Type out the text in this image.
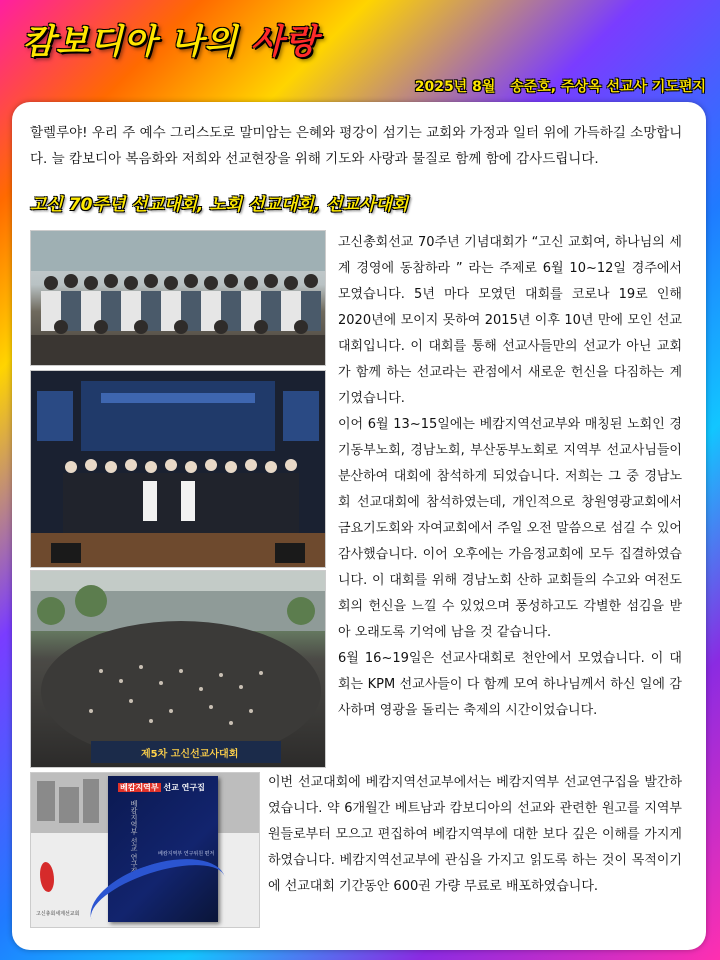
캄보디아 나의 사랑
2025년 8월 송준호, 주상옥 선교사 기도편지
할렐루야! 우리 주 예수 그리스도로 말미암는 은혜와 평강이 섬기는 교회와 가정과 일터 위에 가득하길 소망합니다. 늘 캄보디아 복음화와 저희와 선교현장을 위해 기도와 사랑과 물질로 함께 함에 감사드립니다.
고신 70주년 선교대회, 노회 선교대회, 선교사대회
제5차 고신선교사대회

고신총회선교 70주년 기념대회가 “고신 교회여, 하나님의 세계 경영에 동참하라 ” 라는 주제로 6월 10~12일 경주에서 모였습니다. 5년 마다 모였던 대회를 코로나 19로 인해 2020년에 모이지 못하여 2015년 이후 10년 만에 모인 선교대회입니다. 이 대회를 통해 선교사들만의 선교가 아닌 교회가 함께 하는 선교라는 관점에서 새로운 헌신을 다짐하는 계기였습니다.

이어 6월 13~15일에는 베캄지역선교부와 매칭된 노회인 경기동부노회, 경남노회, 부산동부노회로 지역부 선교사님들이 분산하여 대회에 참석하게 되었습니다. 저희는 그 중 경남노회 선교대회에 참석하였는데, 개인적으로 창원영광교회에서 금요기도회와 자여교회에서 주일 오전 말씀으로 섬길 수 있어 감사했습니다. 이어 오후에는 가음정교회에 모두 집결하였습니다. 이 대회를 위해 경남노회 산하 교회들의 수고와 여전도회의 헌신을 느낄 수 있었으며 풍성하고도 각별한 섬김을 받아 오래도록 기억에 남을 것 같습니다.

6월 16~19일은 선교사대회로 천안에서 모였습니다. 이 대회는 KPM 선교사들이 다 함께 모여 하나님께서 하신 일에 감사하며 영광을 돌리는 축제의 시간이었습니다.

고신총회세계선교회
베캄지역부 선교 연구집
베캄지역부 선교 연구집	베캄지역부 연구위원 편저
이번 선교대회에 베캄지역선교부에서는 베캄지역부 선교연구집을 발간하였습니다. 약 6개월간 베트남과 캄보디아의 선교와 관련한 원고를 지역부원들로부터 모으고 편집하여 베캄지역부에 대한 보다 깊은 이해를 가지게 하였습니다. 베캄지역선교부에 관심을 가지고 읽도록 하는 것이 목적이기에 선교대회 기간동안 600권 가량 무료로 배포하였습니다.
